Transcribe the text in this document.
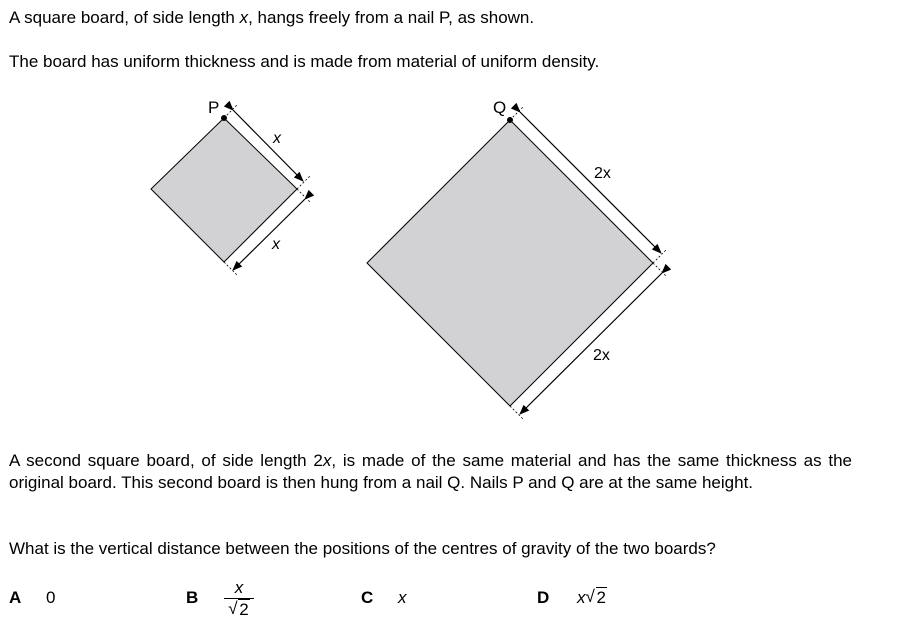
A square board, of side length x, hangs freely from a nail P, as shown.
The board has uniform thickness and is made from material of uniform density.
P
x
x
Q
2x
2x
A second square board, of side length 2x, is made of the same material and has the same thickness as the original board. This second board is then hung from a nail Q. Nails P and Q are at the same height.
What is the vertical distance between the positions of the centres of gravity of the two boards?
A 0	B
x
√ 2
C x	D x √ 2
